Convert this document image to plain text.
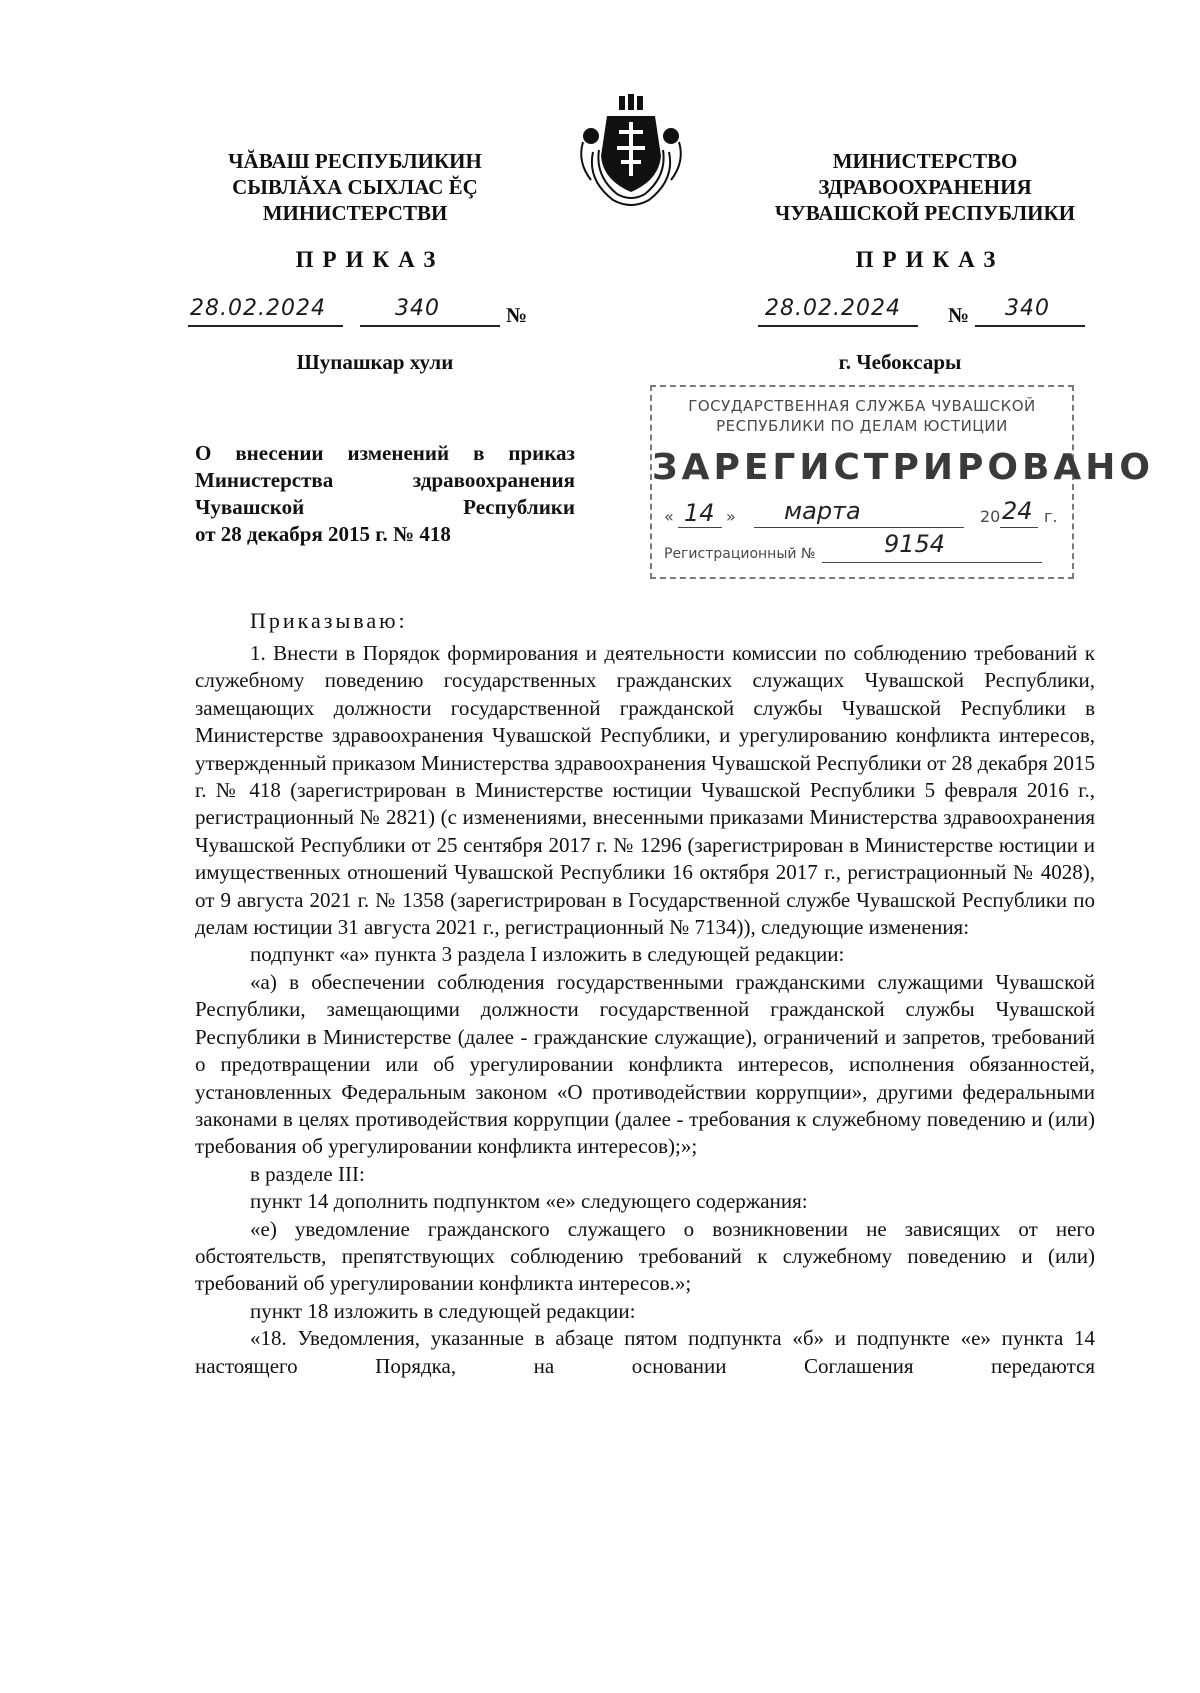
ЧĂВАШ РЕСПУБЛИКИН
СЫВЛĂХА СЫХЛАС ĔÇ
МИНИСТЕРСТВИ
МИНИСТЕРСТВО
ЗДРАВООХРАНЕНИЯ
ЧУВАШСКОЙ РЕСПУБЛИКИ
ПРИКАЗ	ПРИКАЗ
28.02.2024	340	№	28.02.2024 № 340
Шупашкар хули	г. Чебоксары
ГОСУДАРСТВЕННАЯ СЛУЖБА ЧУВАШСКОЙ
РЕСПУБЛИКИ ПО ДЕЛАМ ЮСТИЦИИ
ЗАРЕГИСТРИРОВАНО
« 14 » марта	20 24 г.
Регистрационный №	9154
О внесении изменений в приказ
Министерства здравоохранения
Чувашской Республики
от 28 декабря 2015 г. № 418
Приказываю:

1. Внести в Порядок формирования и деятельности комиссии по соблюдению требований к служебному поведению государственных гражданских служащих Чувашской Республики, замещающих должности государственной гражданской службы Чувашской Республики в Министерстве здравоохранения Чувашской Республики, и урегулированию конфликта интересов, утвержденный приказом Министерства здравоохранения Чувашской Республики от 28 декабря 2015 г. № 418 (зарегистрирован в Министерстве юстиции Чувашской Республики 5 февраля 2016 г., регистрационный № 2821) (с изменениями, внесенными приказами Министерства здравоохранения Чувашской Республики от 25 сентября 2017 г. № 1296 (зарегистрирован в Министерстве юстиции и имущественных отношений Чувашской Республики 16 октября 2017 г., регистрационный № 4028), от 9 августа 2021 г. № 1358 (зарегистрирован в Государственной службе Чувашской Республики по делам юстиции 31 августа 2021 г., регистрационный № 7134)), следующие изменения:

подпункт «а» пункта 3 раздела I изложить в следующей редакции:

«а) в обеспечении соблюдения государственными гражданскими служащими Чувашской Республики, замещающими должности государственной гражданской службы Чувашской Республики в Министерстве (далее - гражданские служащие), ограничений и запретов, требований о предотвращении или об урегулировании конфликта интересов, исполнения обязанностей, установленных Федеральным законом «О противодействии коррупции», другими федеральными законами в целях противодействия коррупции (далее - требования к служебному поведению и (или) требования об урегулировании конфликта интересов);»;

в разделе III:

пункт 14 дополнить подпунктом «е» следующего содержания:

«е) уведомление гражданского служащего о возникновении не зависящих от него обстоятельств, препятствующих соблюдению требований к служебному поведению и (или) требований об урегулировании конфликта интересов.»;

пункт 18 изложить в следующей редакции:

«18. Уведомления, указанные в абзаце пятом подпункта «б» и подпункте «е» пункта 14 настоящего Порядка, на основании Соглашения передаются
